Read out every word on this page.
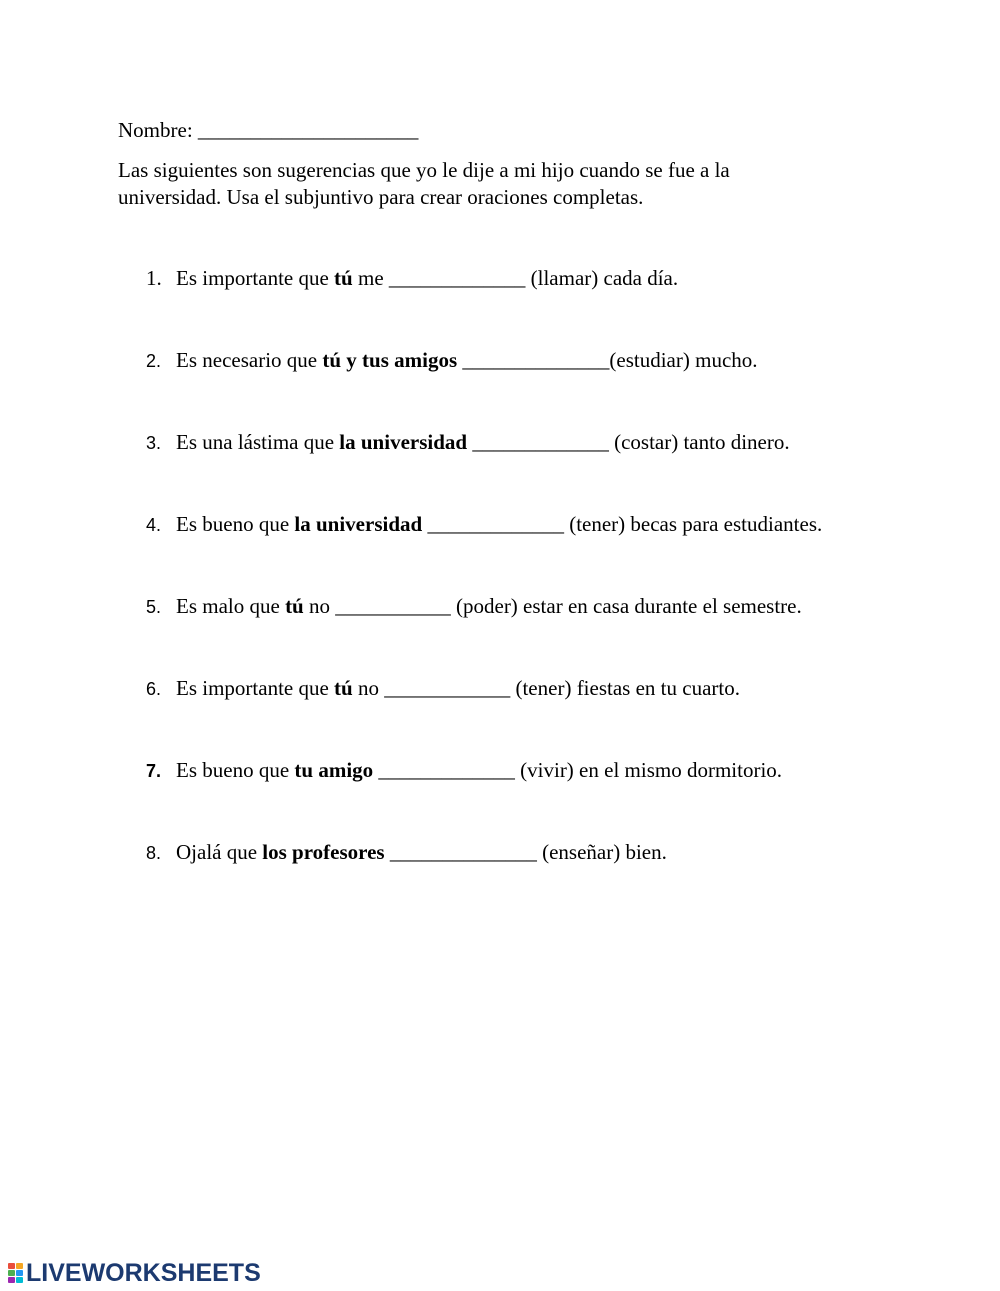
Nombre: _____________________
Las siguientes son sugerencias que yo le dije a mi hijo cuando se fue a la universidad. Usa el subjuntivo para crear oraciones completas.
1. Es importante que tú me _____________ (llamar) cada día.
2. Es necesario que tú y tus amigos ______________(estudiar) mucho.
3. Es una lástima que la universidad _____________ (costar) tanto dinero.
4. Es bueno que la universidad _____________ (tener) becas para estudiantes.
5. Es malo que tú no ___________ (poder) estar en casa durante el semestre.
6. Es importante que tú no ____________ (tener) fiestas en tu cuarto.
7. Es bueno que tu amigo _____________ (vivir) en el mismo dormitorio.
8. Ojalá que los profesores ______________ (enseñar) bien.
LIVEWORKSHEETS
